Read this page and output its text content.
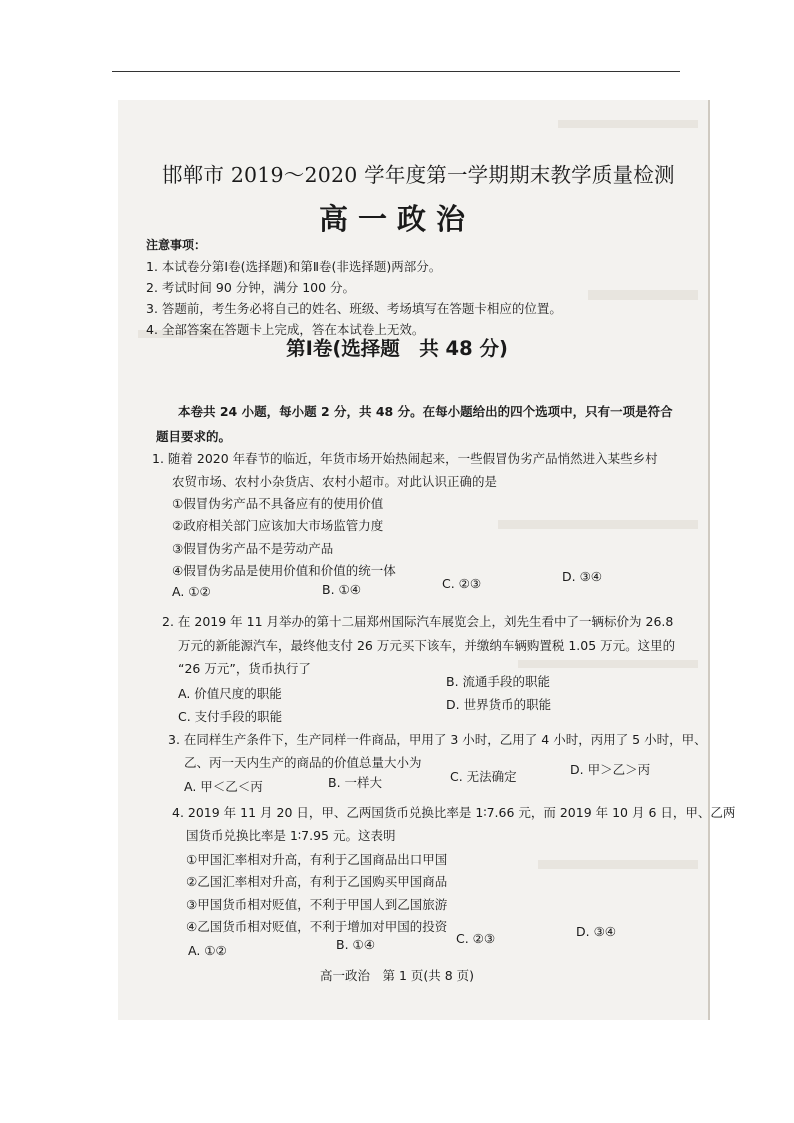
邯郸市 2019～2020 学年度第一学期期末教学质量检测
高一政治
注意事项：
1. 本试卷分第Ⅰ卷(选择题)和第Ⅱ卷(非选择题)两部分。
2. 考试时间 90 分钟，满分 100 分。
3. 答题前，考生务必将自己的姓名、班级、考场填写在答题卡相应的位置。
4. 全部答案在答题卡上完成，答在本试卷上无效。
第Ⅰ卷(选择题　共 48 分)
本卷共 24 小题，每小题 2 分，共 48 分。在每小题给出的四个选项中，只有一项是符合
题目要求的。
1. 随着 2020 年春节的临近，年货市场开始热闹起来，一些假冒伪劣产品悄然进入某些乡村
农贸市场、农村小杂货店、农村小超市。对此认识正确的是
①假冒伪劣产品不具备应有的使用价值
②政府相关部门应该加大市场监管力度
③假冒伪劣产品不是劳动产品
④假冒伪劣品是使用价值和价值的统一体
A. ①②	B. ①④	C. ②③	D. ③④
2. 在 2019 年 11 月举办的第十二届郑州国际汽车展览会上，刘先生看中了一辆标价为 26.8
万元的新能源汽车，最终他支付 26 万元买下该车，并缴纳车辆购置税 1.05 万元。这里的
“26 万元”，货币执行了
A. 价值尺度的职能
B. 流通手段的职能
C. 支付手段的职能
D. 世界货币的职能
3. 在同样生产条件下，生产同样一件商品，甲用了 3 小时，乙用了 4 小时，丙用了 5 小时，甲、
乙、丙一天内生产的商品的价值总量大小为
A. 甲＜乙＜丙	B. 一样大	C. 无法确定	D. 甲＞乙＞丙
4. 2019 年 11 月 20 日，甲、乙两国货币兑换比率是 1∶7.66 元，而 2019 年 10 月 6 日，甲、乙两
国货币兑换比率是 1∶7.95 元。这表明
①甲国汇率相对升高，有利于乙国商品出口甲国
②乙国汇率相对升高，有利于乙国购买甲国商品
③甲国货币相对贬值，不利于甲国人到乙国旅游
④乙国货币相对贬值，不利于增加对甲国的投资
A. ①②	B. ①④	C. ②③	D. ③④
高一政治　第 1 页(共 8 页)
